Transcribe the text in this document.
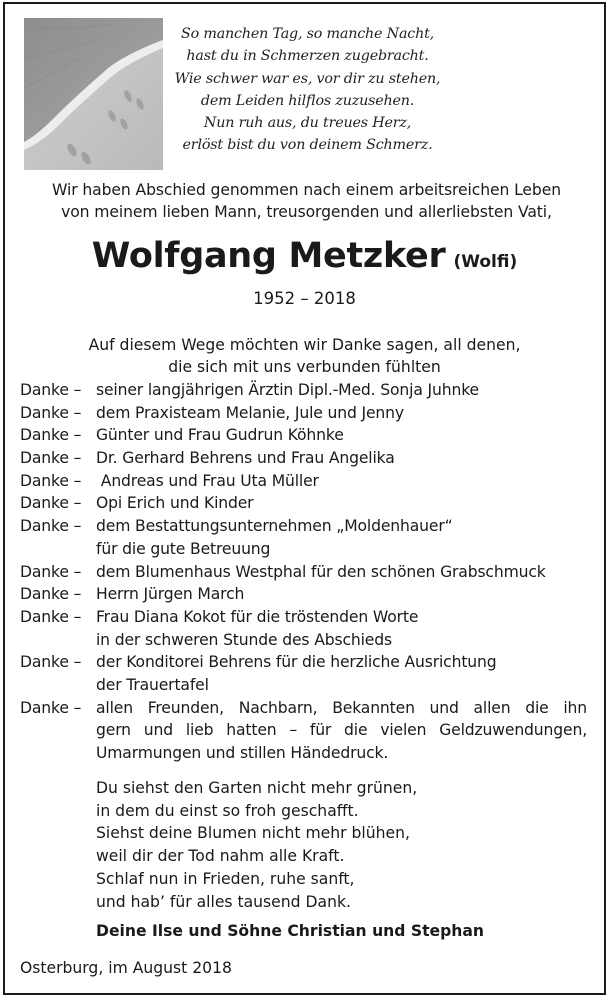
So manchen Tag, so manche Nacht,
hast du in Schmerzen zugebracht.
Wie schwer war es, vor dir zu stehen,
dem Leiden hilflos zuzusehen.
Nun ruh aus, du treues Herz,
erlöst bist du von deinem Schmerz.
Wir haben Abschied genommen nach einem arbeitsreichen Leben
von meinem lieben Mann, treusorgenden und allerliebsten Vati,
Wolfgang Metzker (Wolfi)
1952 – 2018
Auf diesem Wege möchten wir Danke sagen, all denen,
die sich mit uns verbunden fühlten
Danke – seiner langjährigen Ärztin Dipl.-Med. Sonja Juhnke
Danke – dem Praxisteam Melanie, Jule und Jenny
Danke – Günter und Frau Gudrun Köhnke
Danke – Dr. Gerhard Behrens und Frau Angelika
Danke – Andreas und Frau Uta Müller
Danke – Opi Erich und Kinder
Danke – dem Bestattungsunternehmen „Moldenhauer“
für die gute Betreuung
Danke – dem Blumenhaus Westphal für den schönen Grabschmuck
Danke – Herrn Jürgen March
Danke – Frau Diana Kokot für die tröstenden Worte
in der schweren Stunde des Abschieds
Danke – der Konditorei Behrens für die herzliche Ausrichtung
der Trauertafel
Danke – allen Freunden, Nachbarn, Bekannten und allen die ihn
gern und lieb hatten – für die vielen Geldzuwendungen,
Umarmungen und stillen Händedruck.
Du siehst den Garten nicht mehr grünen,
in dem du einst so froh geschafft.
Siehst deine Blumen nicht mehr blühen,
weil dir der Tod nahm alle Kraft.
Schlaf nun in Frieden, ruhe sanft,
und hab’ für alles tausend Dank.
Deine Ilse und Söhne Christian und Stephan
Osterburg, im August 2018
